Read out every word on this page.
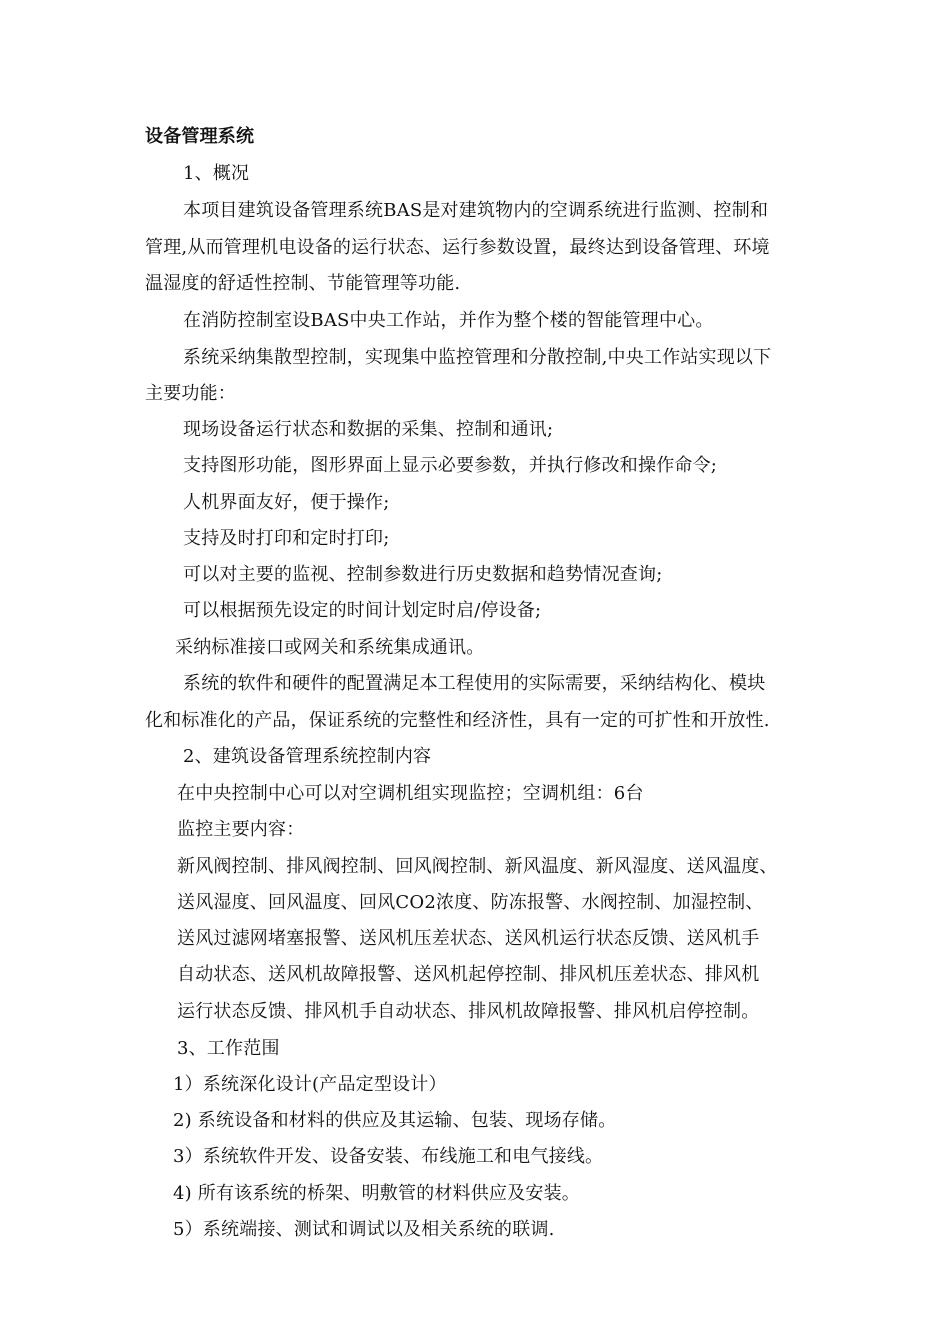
设备管理系统
1、概况
本项目建筑设备管理系统BAS是对建筑物内的空调系统进行监测、控制和
管理,从而管理机电设备的运行状态、运行参数设置，最终达到设备管理、环境
温湿度的舒适性控制、节能管理等功能.
在消防控制室设BAS中央工作站，并作为整个楼的智能管理中心。
系统采纳集散型控制，实现集中监控管理和分散控制,中央工作站实现以下
主要功能：
现场设备运行状态和数据的采集、控制和通讯;
支持图形功能，图形界面上显示必要参数，并执行修改和操作命令;
人机界面友好，便于操作;
支持及时打印和定时打印;
可以对主要的监视、控制参数进行历史数据和趋势情况查询;
可以根据预先设定的时间计划定时启/停设备;
采纳标准接口或网关和系统集成通讯。
系统的软件和硬件的配置满足本工程使用的实际需要，采纳结构化、模块
化和标准化的产品，保证系统的完整性和经济性，具有一定的可扩性和开放性.
2、建筑设备管理系统控制内容
在中央控制中心可以对空调机组实现监控；空调机组：6台
监控主要内容：
新风阀控制、排风阀控制、回风阀控制、新风温度、新风湿度、送风温度、
送风湿度、回风温度、回风CO2浓度、防冻报警、水阀控制、加湿控制、
送风过滤网堵塞报警、送风机压差状态、送风机运行状态反馈、送风机手
自动状态、送风机故障报警、送风机起停控制、排风机压差状态、排风机
运行状态反馈、排风机手自动状态、排风机故障报警、排风机启停控制。
3、工作范围
1）系统深化设计(产品定型设计）
2) 系统设备和材料的供应及其运输、包装、现场存储。
3）系统软件开发、设备安装、布线施工和电气接线。
4) 所有该系统的桥架、明敷管的材料供应及安装。
5）系统端接、测试和调试以及相关系统的联调.
